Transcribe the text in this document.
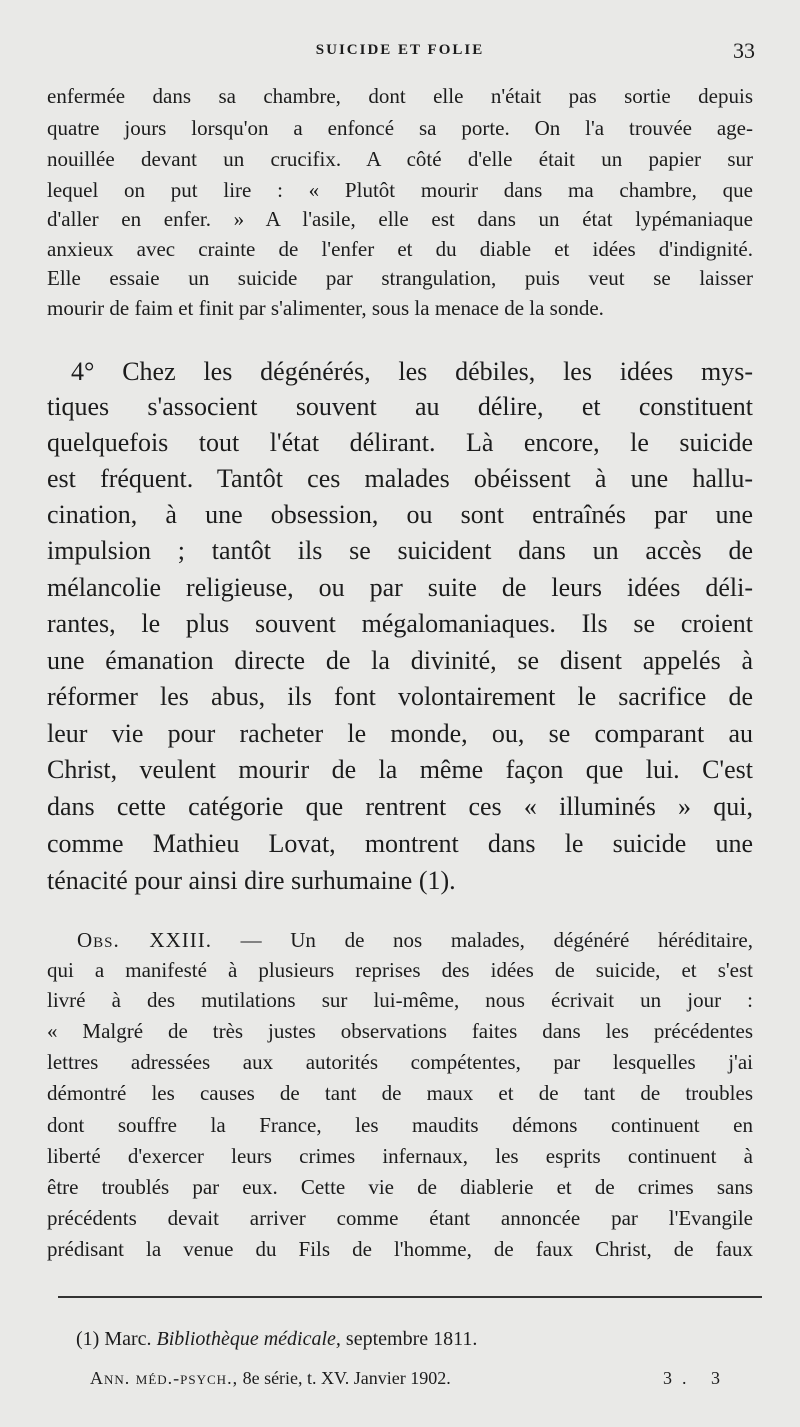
SUICIDE ET FOLIE	33
enfermée dans sa chambre, dont elle n'était pas sortie depuis
quatre jours lorsqu'on a enfoncé sa porte. On l'a trouvée age-
nouillée devant un crucifix. A côté d'elle était un papier sur
lequel on put lire : « Plutôt mourir dans ma chambre, que
d'aller en enfer. » A l'asile, elle est dans un état lypémaniaque
anxieux avec crainte de l'enfer et du diable et idées d'indignité.
Elle essaie un suicide par strangulation, puis veut se laisser
mourir de faim et finit par s'alimenter, sous la menace de la sonde.
4° Chez les dégénérés, les débiles, les idées mys-
tiques s'associent souvent au délire, et constituent
quelquefois tout l'état délirant. Là encore, le suicide
est fréquent. Tantôt ces malades obéissent à une hallu-
cination, à une obsession, ou sont entraînés par une
impulsion ; tantôt ils se suicident dans un accès de
mélancolie religieuse, ou par suite de leurs idées déli-
rantes, le plus souvent mégalomaniaques. Ils se croient
une émanation directe de la divinité, se disent appelés à
réformer les abus, ils font volontairement le sacrifice de
leur vie pour racheter le monde, ou, se comparant au
Christ, veulent mourir de la même façon que lui. C'est
dans cette catégorie que rentrent ces « illuminés » qui,
comme Mathieu Lovat, montrent dans le suicide une
ténacité pour ainsi dire surhumaine (1).
Obs. XXIII. — Un de nos malades, dégénéré héréditaire,
qui a manifesté à plusieurs reprises des idées de suicide, et s'est
livré à des mutilations sur lui-même, nous écrivait un jour :
« Malgré de très justes observations faites dans les précédentes
lettres adressées aux autorités compétentes, par lesquelles j'ai
démontré les causes de tant de maux et de tant de troubles
dont souffre la France, les maudits démons continuent en
liberté d'exercer leurs crimes infernaux, les esprits continuent à
être troublés par eux. Cette vie de diablerie et de crimes sans
précédents devait arriver comme étant annoncée par l'Evangile
prédisant la venue du Fils de l'homme, de faux Christ, de faux
(1) Marc. Bibliothèque médicale, septembre 1811.
Ann. méd.-psych., 8e série, t. XV. Janvier 1902.	3. 3
